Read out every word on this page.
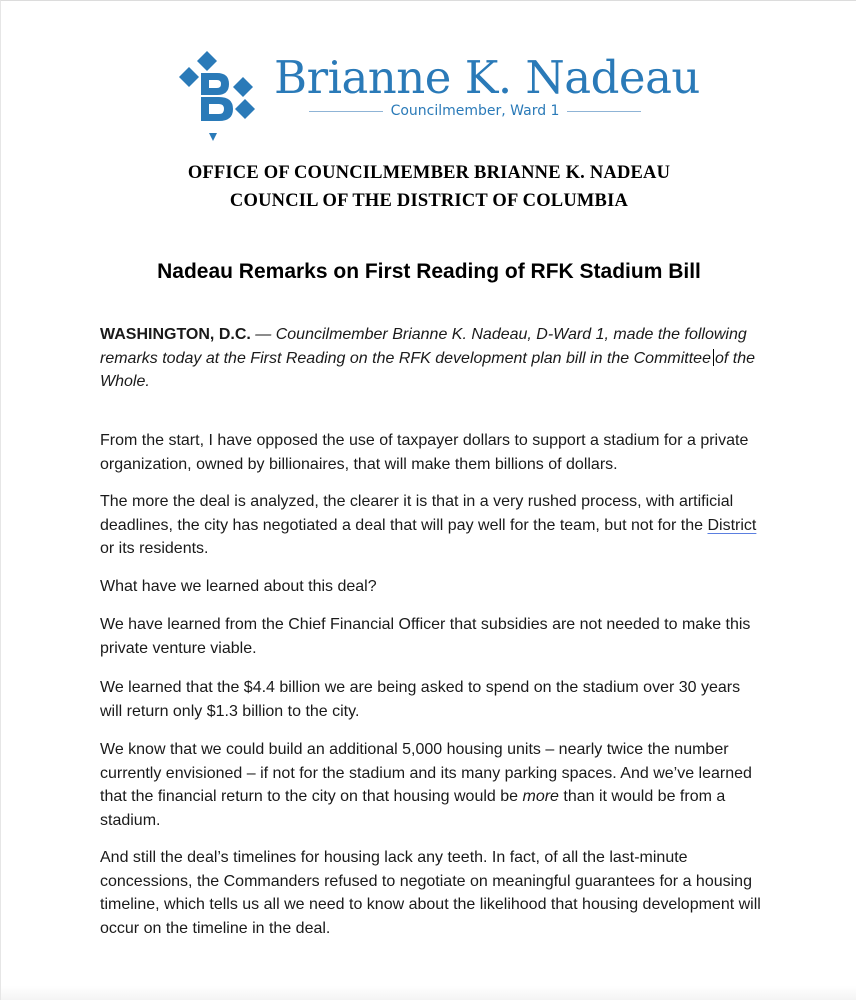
Brianne K. Nadeau
Councilmember, Ward 1
OFFICE OF COUNCILMEMBER BRIANNE K. NADEAU
COUNCIL OF THE DISTRICT OF COLUMBIA
Nadeau Remarks on First Reading of RFK Stadium Bill

WASHINGTON, D.C. — Councilmember Brianne K. Nadeau, D-Ward 1, made the following remarks today at the First Reading on the RFK development plan bill in the Committee of the Whole.

From the start, I have opposed the use of taxpayer dollars to support a stadium for a private organization, owned by billionaires, that will make them billions of dollars.

The more the deal is analyzed, the clearer it is that in a very rushed process, with artificial deadlines, the city has negotiated a deal that will pay well for the team, but not for the District or its residents.

What have we learned about this deal?

We have learned from the Chief Financial Officer that subsidies are not needed to make this private venture viable.

We learned that the $4.4 billion we are being asked to spend on the stadium over 30 years will return only $1.3 billion to the city.

We know that we could build an additional 5,000 housing units – nearly twice the number currently envisioned – if not for the stadium and its many parking spaces. And we’ve learned that the financial return to the city on that housing would be more than it would be from a stadium.

And still the deal’s timelines for housing lack any teeth. In fact, of all the last-minute concessions, the Commanders refused to negotiate on meaningful guarantees for a housing timeline, which tells us all we need to know about the likelihood that housing development will occur on the timeline in the deal.
